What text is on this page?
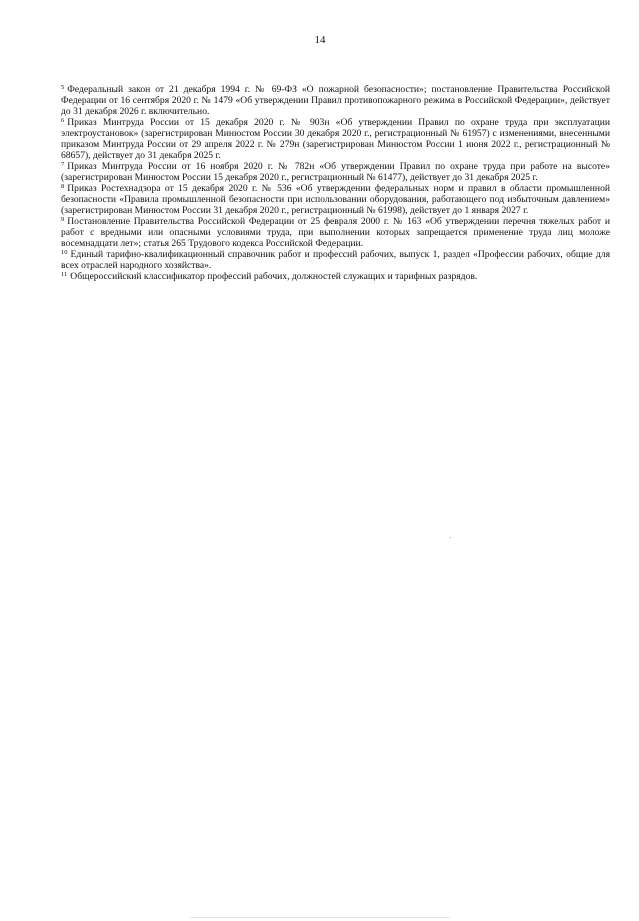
14

$^5$ Федеральный закон от 21 декабря 1994 г. № 69-ФЗ «О пожарной безопасности»; постановление Правительства Российской Федерации от 16 сентября 2020 г. № 1479 «Об утверждении Правил противопожарного режима в Российской Федерации», действует до 31 декабря 2026 г. включительно.

$^6$ Приказ Минтруда России от 15 декабря 2020 г. № 903н «Об утверждении Правил по охране труда при эксплуатации электроустановок» (зарегистрирован Минюстом России 30 декабря 2020 г., регистрационный № 61957) с изменениями, внесенными приказом Минтруда России от 29 апреля 2022 г. № 279н (зарегистрирован Минюстом России 1 июня 2022 г., регистрационный № 68657), действует до 31 декабря 2025 г.

$^7$ Приказ Минтруда России от 16 ноября 2020 г. № 782н «Об утверждении Правил по охране труда при работе на высоте» (зарегистрирован Минюстом России 15 декабря 2020 г., регистрационный № 61477), действует до 31 декабря 2025 г.

$^8$ Приказ Ростехнадзора от 15 декабря 2020 г. № 536 «Об утверждении федеральных норм и правил в области промышленной безопасности «Правила промышленной безопасности при использовании оборудования, работающего под избыточным давлением» (зарегистрирован Минюстом России 31 декабря 2020 г., регистрационный № 61998), действует до 1 января 2027 г.

$^9$ Постановление Правительства Российской Федерации от 25 февраля 2000 г. № 163 «Об утверждении перечня тяжелых работ и работ с вредными или опасными условиями труда, при выполнении которых запрещается применение труда лиц моложе восемнадцати лет»; статья 265 Трудового кодекса Российской Федерации.

$^{10}$ Единый тарифно-квалификационный справочник работ и профессий рабочих, выпуск 1, раздел «Профессии рабочих, общие для всех отраслей народного хозяйства».

$^{11}$ Общероссийский классификатор профессий рабочих, должностей служащих и тарифных разрядов.
